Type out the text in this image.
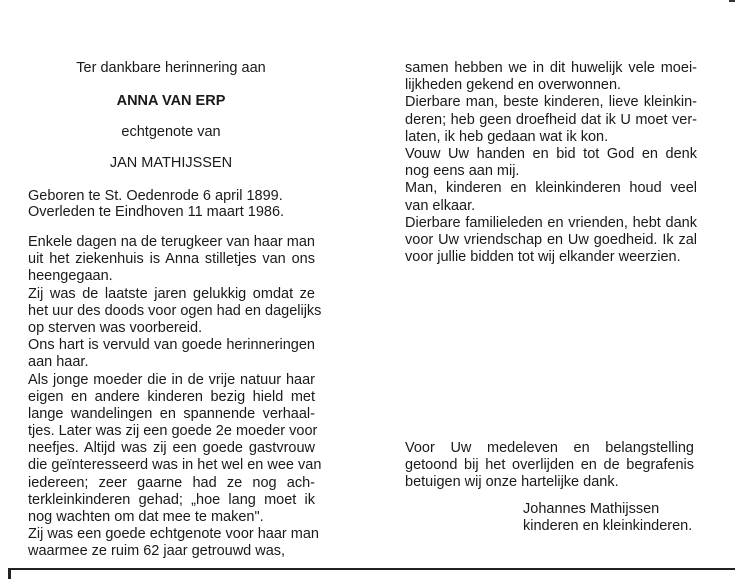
Ter dankbare herinnering aan
ANNA VAN ERP
echtgenote van
JAN MATHIJSSEN
Geboren te St. Oedenrode 6 april 1899.
Overleden te Eindhoven 11 maart 1986.
Enkele dagen na de terugkeer van haar man
uit het ziekenhuis is Anna stilletjes van ons
heengegaan.
Zij was de laatste jaren gelukkig omdat ze
het uur des doods voor ogen had en dagelijks
op sterven was voorbereid.
Ons hart is vervuld van goede herinneringen
aan haar.
Als jonge moeder die in de vrije natuur haar
eigen en andere kinderen bezig hield met
lange wandelingen en spannende verhaal-
tjes. Later was zij een goede 2e moeder voor
neefjes. Altijd was zij een goede gastvrouw
die geïnteresseerd was in het wel en wee van
iedereen; zeer gaarne had ze nog ach-
terkleinkinderen gehad; „hoe lang moet ik
nog wachten om dat mee te maken".
Zij was een goede echtgenote voor haar man
waarmee ze ruim 62 jaar getrouwd was,
samen hebben we in dit huwelijk vele moei-
lijkheden gekend en overwonnen.
Dierbare man, beste kinderen, lieve kleinkin-
deren; heb geen droefheid dat ik U moet ver-
laten, ik heb gedaan wat ik kon.
Vouw Uw handen en bid tot God en denk
nog eens aan mij.
Man, kinderen en kleinkinderen houd veel
van elkaar.
Dierbare familieleden en vrienden, hebt dank
voor Uw vriendschap en Uw goedheid. Ik zal
voor jullie bidden tot wij elkander weerzien.
Voor Uw medeleven en belangstelling
getoond bij het overlijden en de begrafenis
betuigen wij onze hartelijke dank.
Johannes Mathijssen
kinderen en kleinkinderen.
